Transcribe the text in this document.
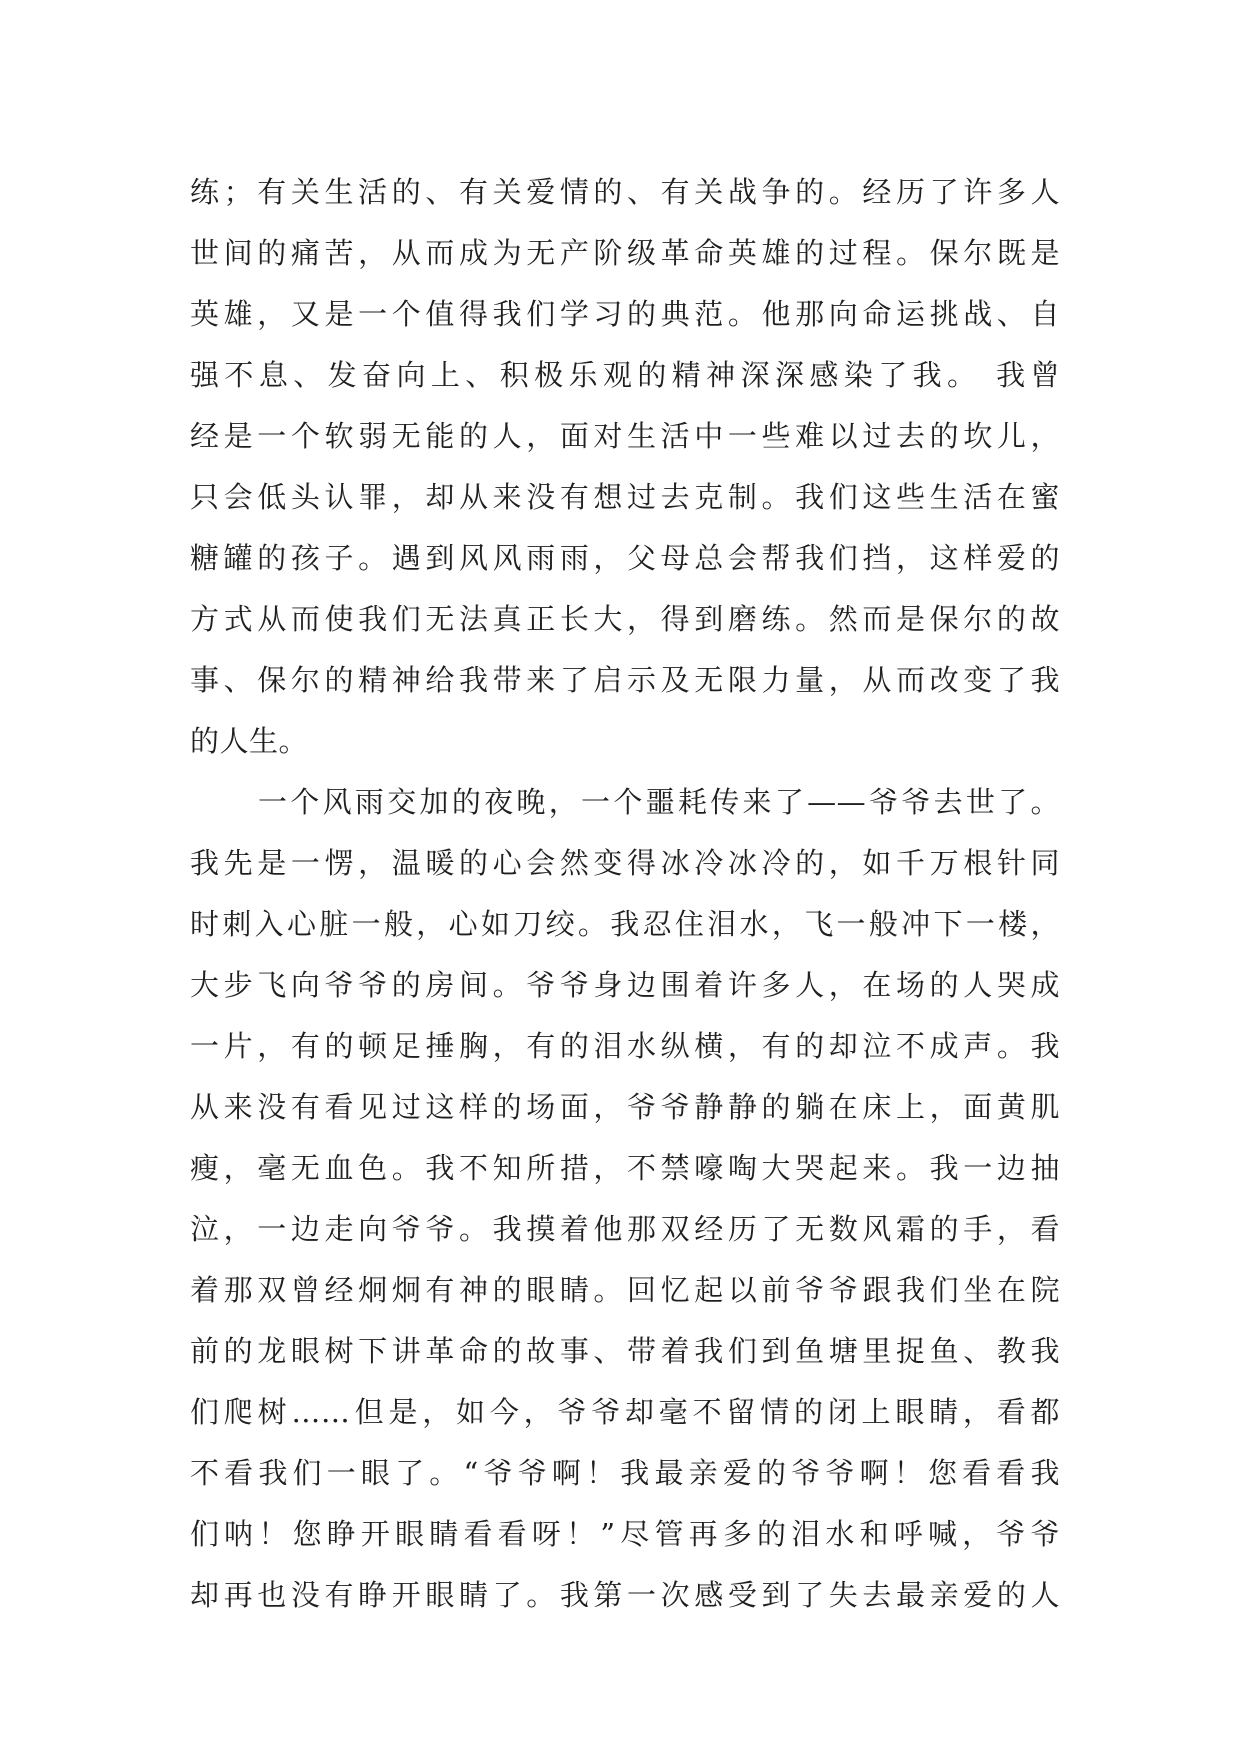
练；有关生活的、有关爱情的、有关战争的。经历了许多人
世间的痛苦，从而成为无产阶级革命英雄的过程。保尔既是
英雄，又是一个值得我们学习的典范。他那向命运挑战、自
强不息、发奋向上、积极乐观的精神深深感染了我。 我曾
经是一个软弱无能的人，面对生活中一些难以过去的坎儿，
只会低头认罪，却从来没有想过去克制。我们这些生活在蜜
糖罐的孩子。遇到风风雨雨，父母总会帮我们挡，这样爱的
方式从而使我们无法真正长大，得到磨练。然而是保尔的故
事、保尔的精神给我带来了启示及无限力量，从而改变了我
的人生。
一个风雨交加的夜晚，一个噩耗传来了——爷爷去世了。
我先是一愣，温暖的心会然变得冰冷冰冷的，如千万根针同
时刺入心脏一般，心如刀绞。我忍住泪水，飞一般冲下一楼，
大步飞向爷爷的房间。爷爷身边围着许多人，在场的人哭成
一片，有的顿足捶胸，有的泪水纵横，有的却泣不成声。我
从来没有看见过这样的场面，爷爷静静的躺在床上，面黄肌
瘦，毫无血色。我不知所措，不禁嚎啕大哭起来。我一边抽
泣，一边走向爷爷。我摸着他那双经历了无数风霜的手，看
着那双曾经炯炯有神的眼睛。回忆起以前爷爷跟我们坐在院
前的龙眼树下讲革命的故事、带着我们到鱼塘里捉鱼、教我
们爬树……但是，如今，爷爷却毫不留情的闭上眼睛，看都
不看我们一眼了。“爷爷啊！我最亲爱的爷爷啊！您看看我
们呐！您睁开眼睛看看呀！”尽管再多的泪水和呼喊，爷爷
却再也没有睁开眼睛了。我第一次感受到了失去最亲爱的人
